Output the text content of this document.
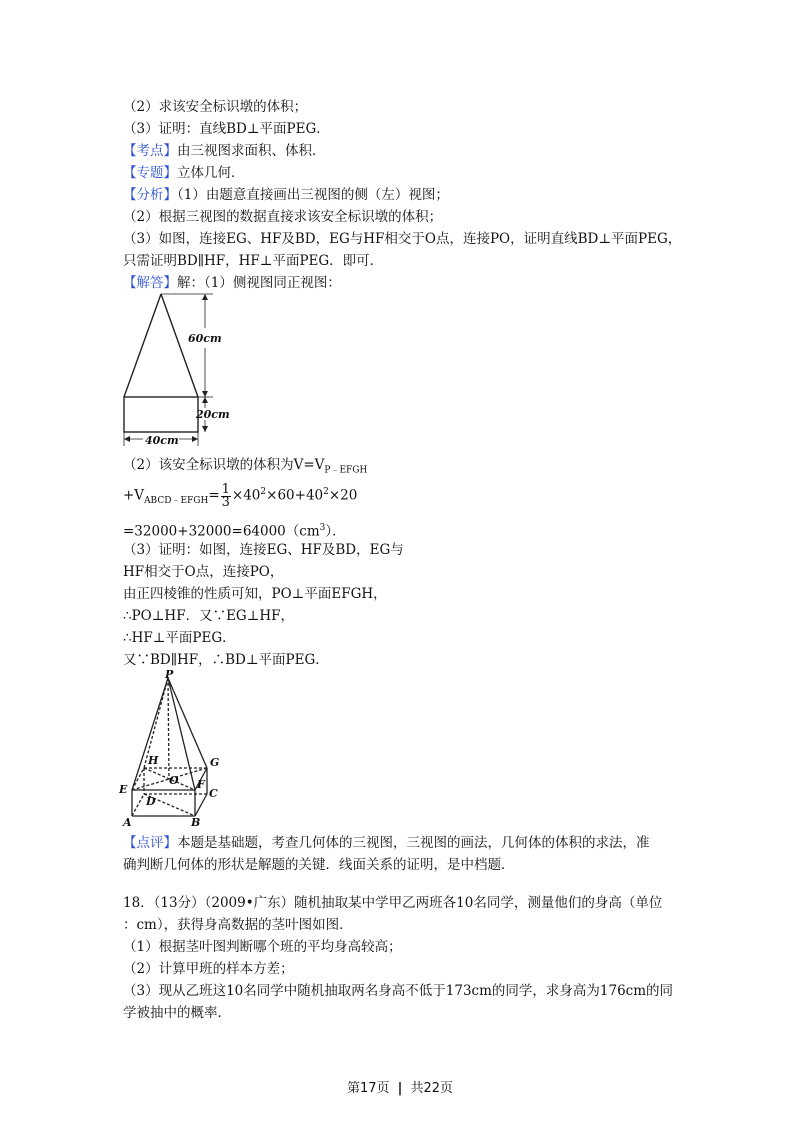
（2）求该安全标识墩的体积；
（3）证明：直线BD⊥平面PEG．
【考点】由三视图求面积、体积．
【专题】立体几何．
【分析】（1）由题意直接画出三视图的侧（左）视图；
（2）根据三视图的数据直接求该安全标识墩的体积；
（3）如图，连接EG、HF及BD，EG与HF相交于O点，连接PO，证明直线BD⊥平面PEG，
只需证明BD∥HF，HF⊥平面PEG．即可．
【解答】解：（1）侧视图同正视图：
60cm
20cm
40cm
（2）该安全标识墩的体积为$V=V_{P﹣EFGH}$
$+V_{ABCD﹣EFGH}= \frac{1}{3} \times 40^2\times 60+40^2\times 20$
$=32000+32000=64000(cm^3)$．
（3）证明：如图，连接EG、HF及BD，EG与
HF相交于O点，连接PO，
由正四棱锥的性质可知，PO⊥平面EFGH，
∴PO⊥HF．又∵EG⊥HF，
∴HF⊥平面PEG．
又∵BD∥HF，∴BD⊥平面PEG．
P
H	G
O
E	F
C
D
A	B
【点评】本题是基础题，考查几何体的三视图，三视图的画法，几何体的体积的求法，准
确判断几何体的形状是解题的关键．线面关系的证明，是中档题．
18．（13分）（2009•广东）随机抽取某中学甲乙两班各10名同学，测量他们的身高（单位
：cm），获得身高数据的茎叶图如图．
（1）根据茎叶图判断哪个班的平均身高较高；
（2）计算甲班的样本方差；
（3）现从乙班这10名同学中随机抽取两名身高不低于173cm的同学，求身高为176cm的同
学被抽中的概率．
第17页 | 共22页
